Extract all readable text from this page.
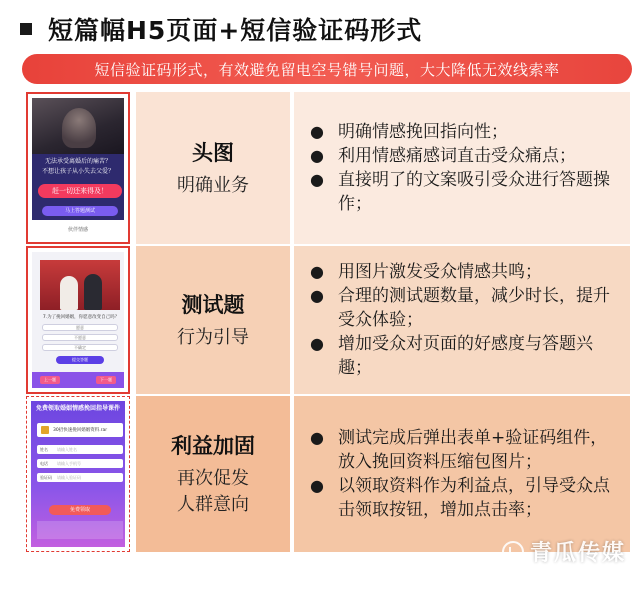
短篇幅H5页面+短信验证码形式
短信验证码形式，有效避免留电空号错号问题，大大降低无效线索率
无法承受离婚后的痛苦？
不想让孩子从小失去父爱？
赶一切还来得及！
马上答题测试
伙伴情感
头图
明确业务
● 明确情感挽回指向性；
● 利用情感痛感词直击受众痛点；
● 直接明了的文案吸引受众进行答题操作；
7.为了挽回婚姻，你愿意改变自己吗？
愿意
不愿意
不确定
提交答题
上一题	下一题
测试题
行为引导
● 用图片激发受众情感共鸣；
● 合理的测试题数量，减少时长，提升受众体验；
● 增加受众对页面的好感度与答题兴趣；
免费领取婚姻情感挽回指导课件
30招快速挽回婚姻资料.rar
姓名 请输入姓名
电话 请输入手机号
验证码 请输入验证码
免费领取
利益加固
再次促发
人群意向
● 测试完成后弹出表单+验证码组件，放入挽回资料压缩包图片；
● 以领取资料作为利益点，引导受众点击领取按钮，增加点击率；
青瓜传媒
